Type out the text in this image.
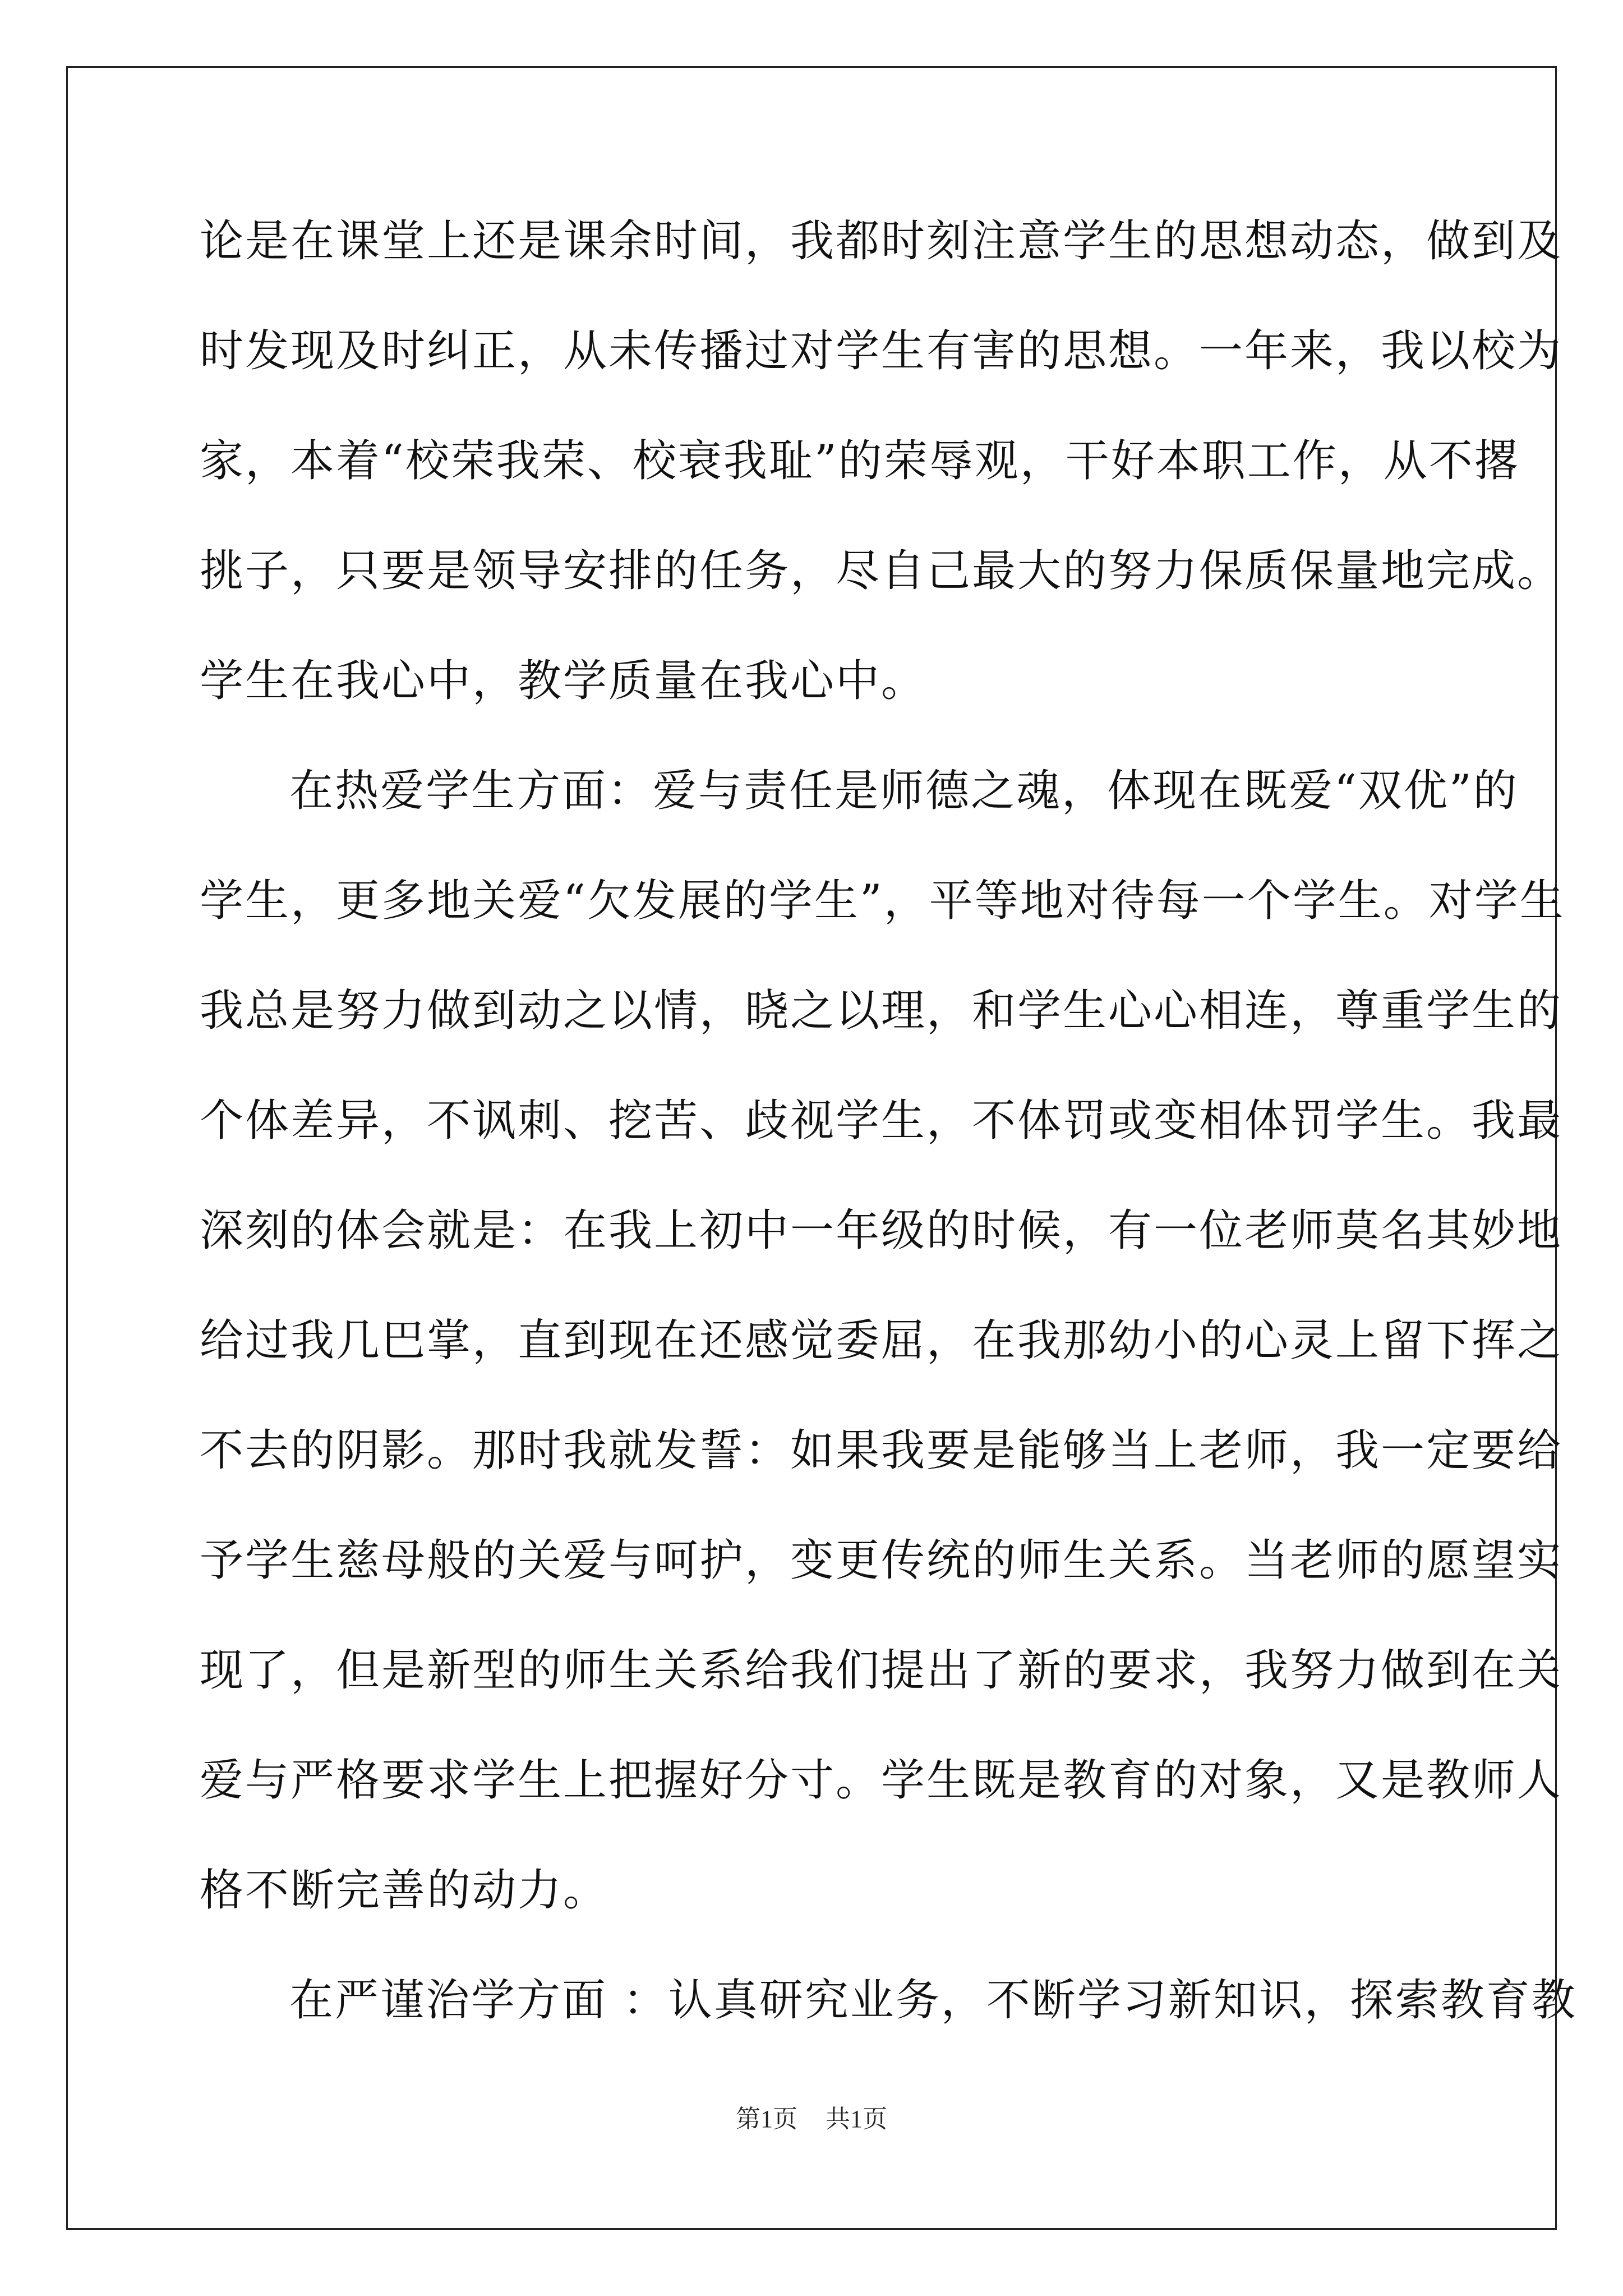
论是在课堂上还是课余时间，我都时刻注意学生的思想动态，做到及
时发现及时纠正，从未传播过对学生有害的思想。一年来，我以校为
家，本着“校荣我荣、校衰我耻”的荣辱观，干好本职工作，从不撂
挑子，只要是领导安排的任务，尽自己最大的努力保质保量地完成。
学生在我心中，教学质量在我心中。
在热爱学生方面：爱与责任是师德之魂，体现在既爱“双优”的
学生，更多地关爱“欠发展的学生”，平等地对待每一个学生。对学生
我总是努力做到动之以情，晓之以理，和学生心心相连，尊重学生的
个体差异，不讽刺、挖苦、歧视学生，不体罚或变相体罚学生。我最
深刻的体会就是：在我上初中一年级的时候，有一位老师莫名其妙地
给过我几巴掌，直到现在还感觉委屈，在我那幼小的心灵上留下挥之
不去的阴影。那时我就发誓：如果我要是能够当上老师，我一定要给
予学生慈母般的关爱与呵护，变更传统的师生关系。当老师的愿望实
现了，但是新型的师生关系给我们提出了新的要求，我努力做到在关
爱与严格要求学生上把握好分寸。学生既是教育的对象，又是教师人
格不断完善的动力。
在严谨治学方面 ：认真研究业务，不断学习新知识，探索教育教
第1页 共1页
